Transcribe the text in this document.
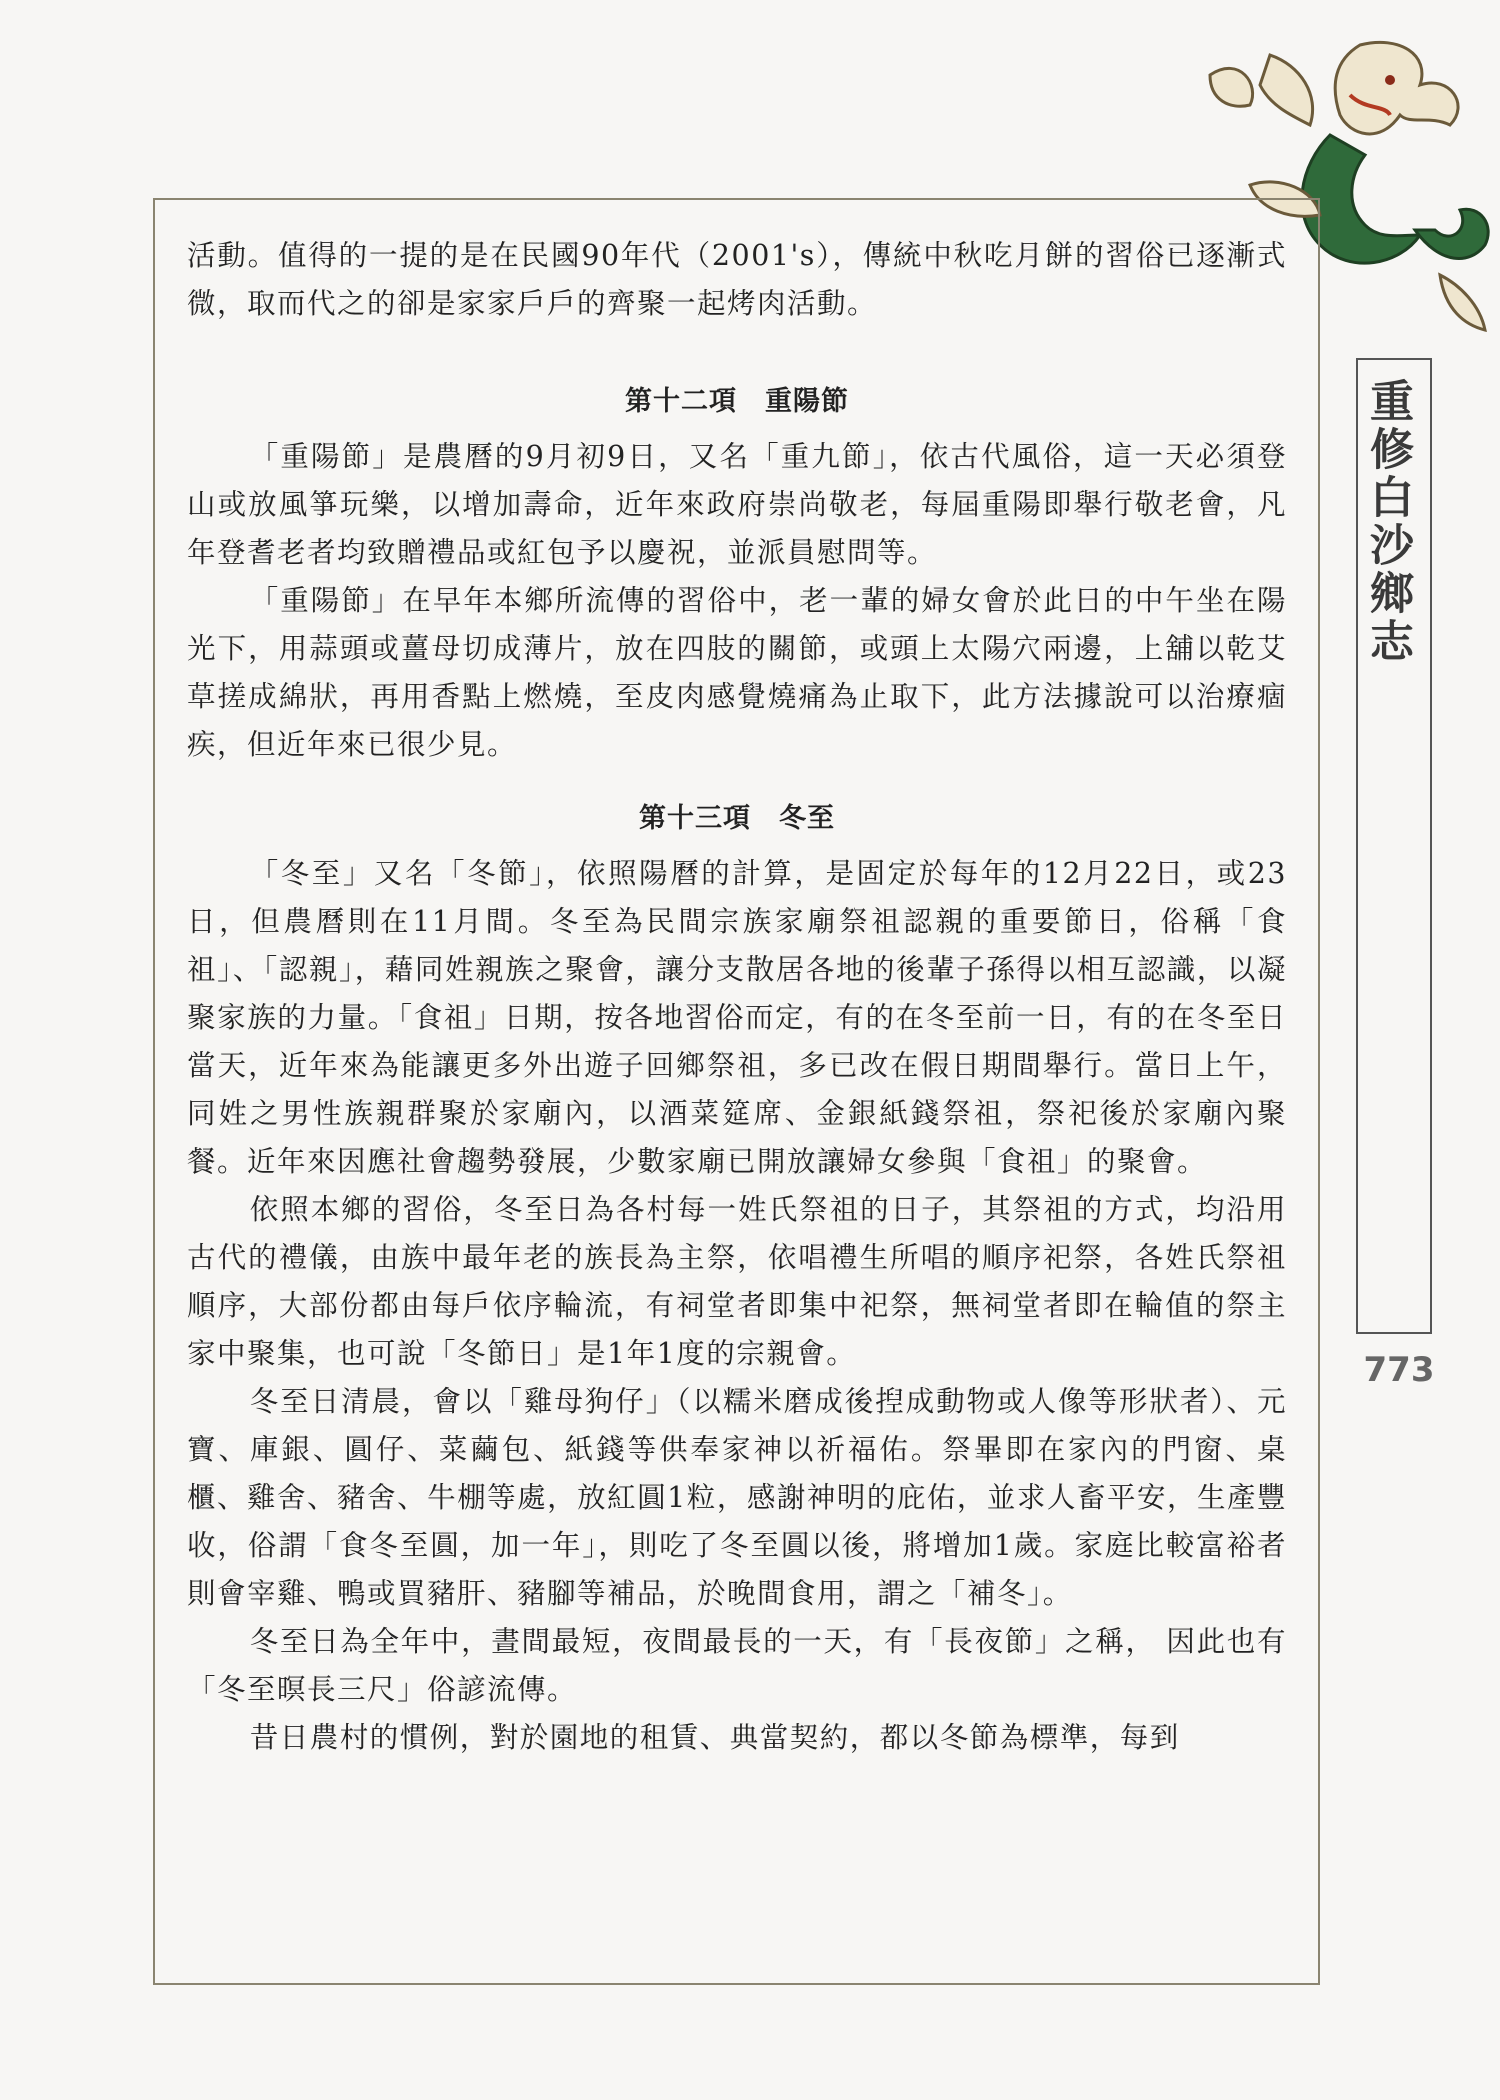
活動。值得的一提的是在民國90年代（2001's），傳統中秋吃月餅的習俗已逐漸式微，取而代之的卻是家家戶戶的齊聚一起烤肉活動。

第十二項　重陽節

「重陽節」是農曆的9月初9日，又名「重九節」，依古代風俗，這一天必須登山或放風箏玩樂，以增加壽命，近年來政府崇尚敬老，每屆重陽即舉行敬老會，凡年登耆老者均致贈禮品或紅包予以慶祝，並派員慰問等。

「重陽節」在早年本鄉所流傳的習俗中，老一輩的婦女會於此日的中午坐在陽光下，用蒜頭或薑母切成薄片，放在四肢的關節，或頭上太陽穴兩邊，上舖以乾艾草搓成綿狀，再用香點上燃燒，至皮肉感覺燒痛為止取下，此方法據說可以治療痼疾，但近年來已很少見。

第十三項　冬至

「冬至」又名「冬節」，依照陽曆的計算，是固定於每年的12月22日，或23日，但農曆則在11月間。冬至為民間宗族家廟祭祖認親的重要節日，俗稱「食祖」、「認親」，藉同姓親族之聚會，讓分支散居各地的後輩子孫得以相互認識，以凝聚家族的力量。「食祖」日期，按各地習俗而定，有的在冬至前一日，有的在冬至日當天，近年來為能讓更多外出遊子回鄉祭祖，多已改在假日期間舉行。當日上午，同姓之男性族親群聚於家廟內，以酒菜筵席、金銀紙錢祭祖，祭祀後於家廟內聚餐。近年來因應社會趨勢發展，少數家廟已開放讓婦女參與「食祖」的聚會。

依照本鄉的習俗，冬至日為各村每一姓氏祭祖的日子，其祭祖的方式，均沿用古代的禮儀，由族中最年老的族長為主祭，依唱禮生所唱的順序祀祭，各姓氏祭祖順序，大部份都由每戶依序輪流，有祠堂者即集中祀祭，無祠堂者即在輪值的祭主家中聚集，也可說「冬節日」是1年1度的宗親會。

冬至日清晨，會以「雞母狗仔」（以糯米磨成後揑成動物或人像等形狀者）、元寶、庫銀、圓仔、菜繭包、紙錢等供奉家神以祈福佑。祭畢即在家內的門窗、桌櫃、雞舍、豬舍、牛棚等處，放紅圓1粒，感謝神明的庇佑，並求人畜平安，生產豐收，俗謂「食冬至圓，加一年」，則吃了冬至圓以後，將增加1歲。家庭比較富裕者則會宰雞、鴨或買豬肝、豬腳等補品，於晚間食用，謂之「補冬」。

冬至日為全年中，晝間最短，夜間最長的一天，有「長夜節」之稱， 因此也有「冬至暝長三尺」俗諺流傳。

昔日農村的慣例，對於園地的租賃、典當契約，都以冬節為標準，每到

重修白沙鄉志
773
